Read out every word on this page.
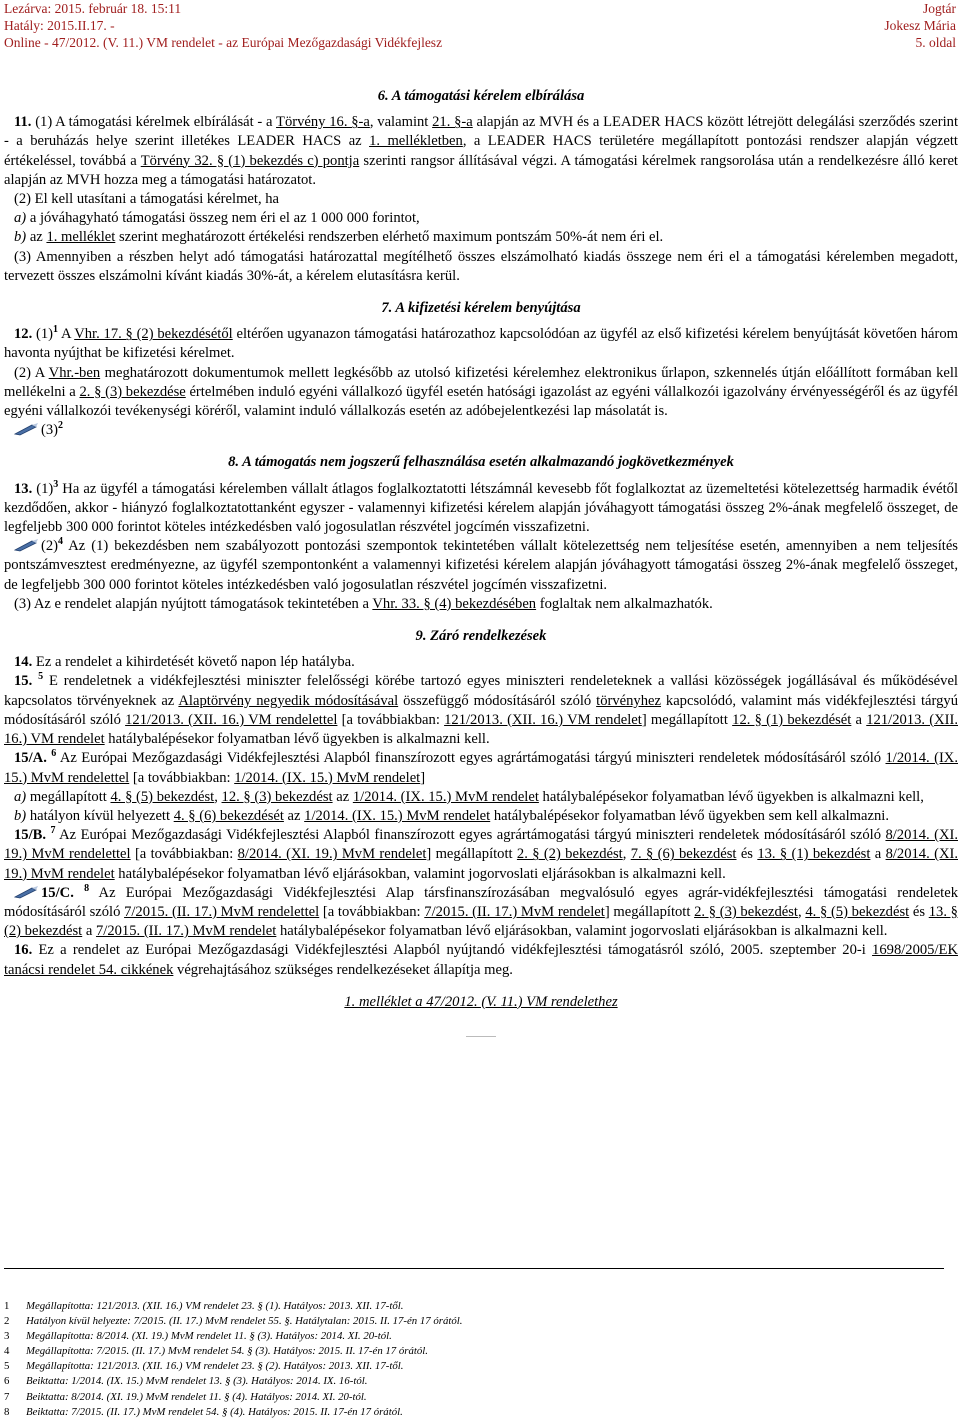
Lezárva: 2015. február 18. 15:11
Hatály: 2015.II.17. -
Online - 47/2012. (V. 11.) VM rendelet - az Európai Mezőgazdasági Vidékfejlesz
Jogtár
Jokesz Mária
5. oldal
6. A támogatási kérelem elbírálása

11. (1) A támogatási kérelmek elbírálását - a Törvény 16. §-a, valamint 21. §-a alapján az MVH és a LEADER HACS között létrejött delegálási szerződés szerint - a beruházás helye szerint illetékes LEADER HACS az 1. mellékletben, a LEADER HACS területére megállapított pontozási rendszer alapján végzett értékeléssel, továbbá a Törvény 32. § (1) bekezdés c) pontja szerinti rangsor állításával végzi. A támogatási kérelmek rangsorolása után a rendelkezésre álló keret alapján az MVH hozza meg a támogatási határozatot.

(2) El kell utasítani a támogatási kérelmet, ha

a) a jóváhagyható támogatási összeg nem éri el az 1 000 000 forintot,

b) az 1. melléklet szerint meghatározott értékelési rendszerben elérhető maximum pontszám 50%-át nem éri el.

(3) Amennyiben a részben helyt adó támogatási határozattal megítélhető összes elszámolható kiadás összege nem éri el a támogatási kérelemben megadott, tervezett összes elszámolni kívánt kiadás 30%-át, a kérelem elutasításra kerül.

7. A kifizetési kérelem benyújtása

12. $(1)^1$ A Vhr. 17. § (2) bekezdésétől eltérően ugyanazon támogatási határozathoz kapcsolódóan az ügyfél az első kifizetési kérelem benyújtását követően három havonta nyújthat be kifizetési kérelmet.

(2) A Vhr.-ben meghatározott dokumentumok mellett legkésőbb az utolsó kifizetési kérelemhez elektronikus űrlapon, szkennelés útján előállított formában kell mellékelni a 2. § (3) bekezdése értelmében induló egyéni vállalkozó ügyfél esetén hatósági igazolást az egyéni vállalkozói igazolvány érvényességéről és az ügyfél egyéni vállalkozói tevékenységi köréről, valamint induló vállalkozás esetén az adóbejelentkezési lap másolatát is.

$(3)^2$

8. A támogatás nem jogszerű felhasználása esetén alkalmazandó jogkövetkezmények

13. $(1)^3$ Ha az ügyfél a támogatási kérelemben vállalt átlagos foglalkoztatotti létszámnál kevesebb főt foglalkoztat az üzemeltetési kötelezettség harmadik évétől kezdődően, akkor - hiányzó foglalkoztatottanként egyszer - valamennyi kifizetési kérelem alapján jóváhagyott támogatási összeg 2%-ának megfelelő összeget, de legfeljebb 300 000 forintot köteles intézkedésben való jogosulatlan részvétel jogcímén visszafizetni.

$(2)^4$ Az (1) bekezdésben nem szabályozott pontozási szempontok tekintetében vállalt kötelezettség nem teljesítése esetén, amennyiben a nem teljesítés pontszámvesztest eredményezne, az ügyfél szempontonként a valamennyi kifizetési kérelem alapján jóváhagyott támogatási összeg 2%-ának megfelelő összeget, de legfeljebb 300 000 forintot köteles intézkedésben való jogosulatlan részvétel jogcímén visszafizetni.

(3) Az e rendelet alapján nyújtott támogatások tekintetében a Vhr. 33. § (4) bekezdésében foglaltak nem alkalmazhatók.

9. Záró rendelkezések

14. Ez a rendelet a kihirdetését követő napon lép hatályba.

15. $^5$ E rendeletnek a vidékfejlesztési miniszter felelősségi körébe tartozó egyes miniszteri rendeleteknek a vallási közösségek jogállásával és működésével kapcsolatos törvényeknek az Alaptörvény negyedik módosításával összefüggő módosításáról szóló törvényhez kapcsolódó, valamint más vidékfejlesztési tárgyú módosításáról szóló 121/2013. (XII. 16.) VM rendelettel [a továbbiakban: 121/2013. (XII. 16.) VM rendelet] megállapított 12. § (1) bekezdését a 121/2013. (XII. 16.) VM rendelet hatálybalépésekor folyamatban lévő ügyekben is alkalmazni kell.

15/A. $^6$ Az Európai Mezőgazdasági Vidékfejlesztési Alapból finanszírozott egyes agrártámogatási tárgyú miniszteri rendeletek módosításáról szóló 1/2014. (IX. 15.) MvM rendelettel [a továbbiakban: 1/2014. (IX. 15.) MvM rendelet]

a) megállapított 4. § (5) bekezdést, 12. § (3) bekezdést az 1/2014. (IX. 15.) MvM rendelet hatálybalépésekor folyamatban lévő ügyekben is alkalmazni kell,

b) hatályon kívül helyezett 4. § (6) bekezdését az 1/2014. (IX. 15.) MvM rendelet hatálybalépésekor folyamatban lévő ügyekben sem kell alkalmazni.

15/B. $^7$ Az Európai Mezőgazdasági Vidékfejlesztési Alapból finanszírozott egyes agrártámogatási tárgyú miniszteri rendeletek módosításáról szóló 8/2014. (XI. 19.) MvM rendelettel [a továbbiakban: 8/2014. (XI. 19.) MvM rendelet] megállapított 2. § (2) bekezdést, 7. § (6) bekezdést és 13. § (1) bekezdést a 8/2014. (XI. 19.) MvM rendelet hatálybalépésekor folyamatban lévő eljárásokban, valamint jogorvoslati eljárásokban is alkalmazni kell.

15/C. $^8$ Az Európai Mezőgazdasági Vidékfejlesztési Alap társfinanszírozásában megvalósuló egyes agrár-vidékfejlesztési támogatási rendeletek módosításáról szóló 7/2015. (II. 17.) MvM rendelettel [a továbbiakban: 7/2015. (II. 17.) MvM rendelet] megállapított 2. § (3) bekezdést, 4. § (5) bekezdést és 13. § (2) bekezdést a 7/2015. (II. 17.) MvM rendelet hatálybalépésekor folyamatban lévő eljárásokban, valamint jogorvoslati eljárásokban is alkalmazni kell.

16. Ez a rendelet az Európai Mezőgazdasági Vidékfejlesztési Alapból nyújtandó vidékfejlesztési támogatásról szóló, 2005. szeptember 20-i 1698/2005/EK tanácsi rendelet 54. cikkének végrehajtásához szükséges rendelkezéseket állapítja meg.

1. melléklet a 47/2012. (V. 11.) VM rendelethez

1 Megállapította: 121/2013. (XII. 16.) VM rendelet 23. § (1). Hatályos: 2013. XII. 17-től.
2 Hatályon kívül helyezte: 7/2015. (II. 17.) MvM rendelet 55. §. Hatálytalan: 2015. II. 17-én 17 órától.
3 Megállapította: 8/2014. (XI. 19.) MvM rendelet 11. § (3). Hatályos: 2014. XI. 20-tól.
4 Megállapította: 7/2015. (II. 17.) MvM rendelet 54. § (3). Hatályos: 2015. II. 17-én 17 órától.
5 Megállapította: 121/2013. (XII. 16.) VM rendelet 23. § (2). Hatályos: 2013. XII. 17-től.
6 Beiktatta: 1/2014. (IX. 15.) MvM rendelet 13. § (3). Hatályos: 2014. IX. 16-tól.
7 Beiktatta: 8/2014. (XI. 19.) MvM rendelet 11. § (4). Hatályos: 2014. XI. 20-tól.
8 Beiktatta: 7/2015. (II. 17.) MvM rendelet 54. § (4). Hatályos: 2015. II. 17-én 17 órától.
